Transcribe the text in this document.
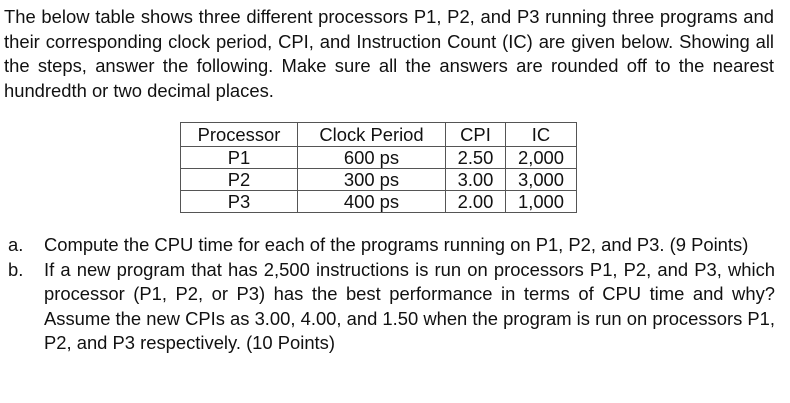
The below table shows three different processors P1, P2, and P3 running three programs and their corresponding clock period, CPI, and Instruction Count (IC) are given below. Showing all the steps, answer the following. Make sure all the answers are rounded off to the nearest hundredth or two decimal places.

Processor	Clock Period	CPI	IC
P1	600 ps	2.50	2,000
P2	300 ps	3.00	3,000
P3	400 ps	2.00	1,000
a. Compute the CPU time for each of the programs running on P1, P2, and P3. (9 Points)
b. If a new program that has 2,500 instructions is run on processors P1, P2, and P3, which processor (P1, P2, or P3) has the best performance in terms of CPU time and why? Assume the new CPIs as 3.00, 4.00, and 1.50 when the program is run on processors P1, P2, and P3 respectively. (10 Points)
